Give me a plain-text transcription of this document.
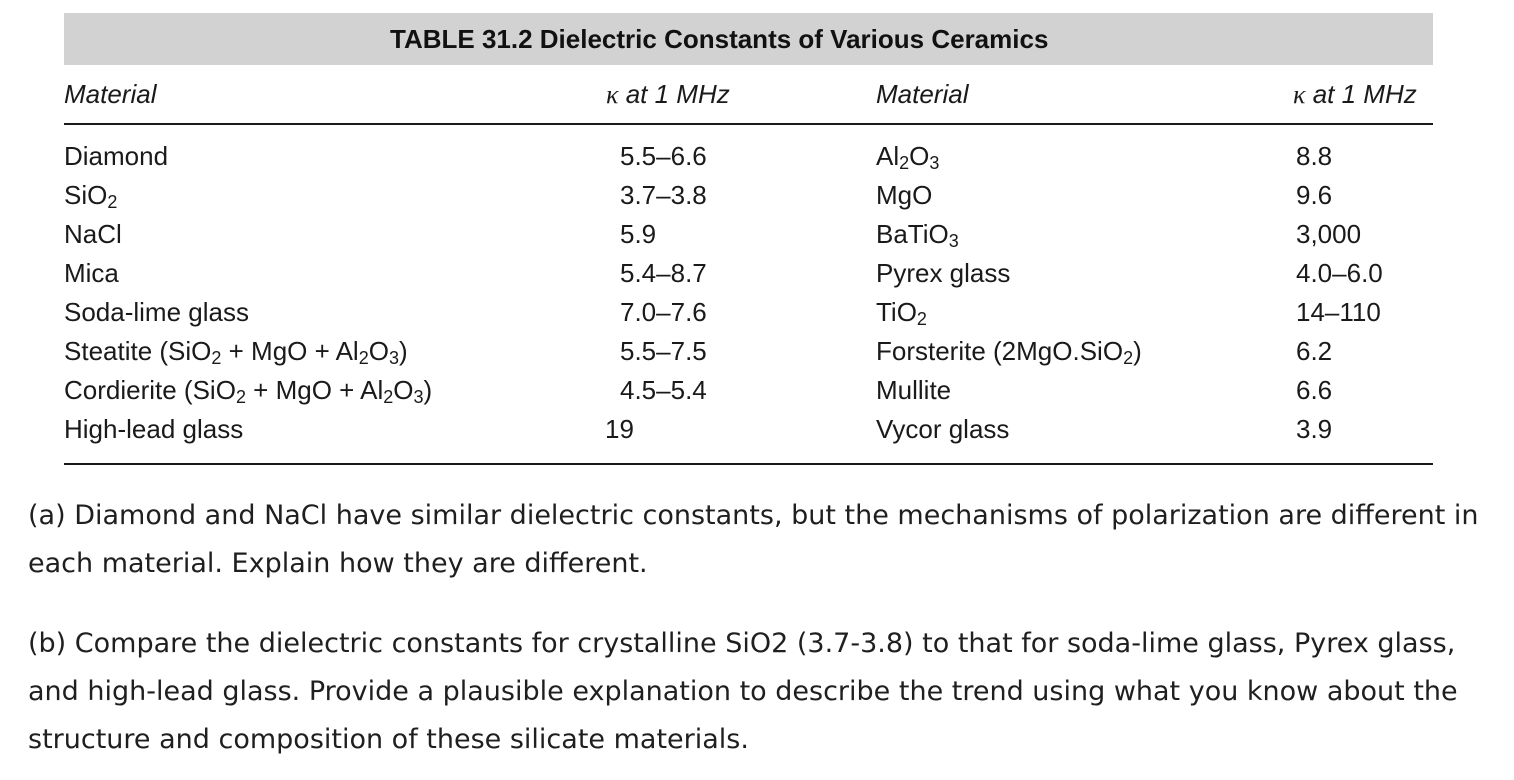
TABLE 31.2 Dielectric Constants of Various Ceramics
Material	κ at 1 MHz	Material	κ at 1 MHz
Diamond	5.5–6.6	$Al_2O_3$	8.8
SiO$_2$	3.7–3.8	MgO	9.6
NaCl	5.9	BaTiO$_3$	3,000
Mica	5.4–8.7	Pyrex glass	4.0–6.0
Soda-lime glass	7.0–7.6	TiO$_2$	14–110
Steatite (SiO$_2$ + MgO + $Al_2O_3$)	5.5–7.5	Forsterite (2MgO.SiO$_2$)	6.2
Cordierite (SiO$_2$ + MgO + $Al_2O_3$)	4.5–5.4	Mullite	6.6
High-lead glass	19	Vycor glass	3.9
(a) Diamond and NaCl have similar dielectric constants, but the mechanisms of polarization are different in each material. Explain how they are different.
(b) Compare the dielectric constants for crystalline SiO2 (3.7-3.8) to that for soda-lime glass, Pyrex glass, and high-lead glass. Provide a plausible explanation to describe the trend using what you know about the structure and composition of these silicate materials.
